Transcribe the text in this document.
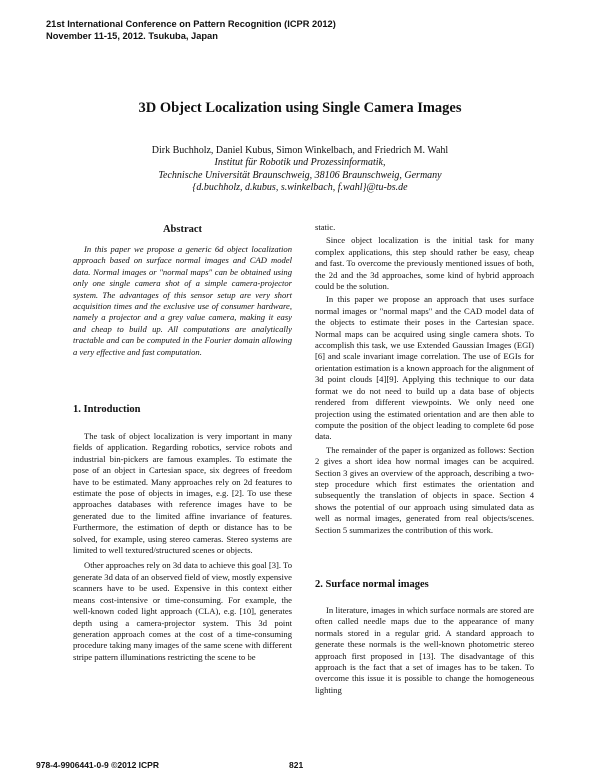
21st International Conference on Pattern Recognition (ICPR 2012)
November 11-15, 2012. Tsukuba, Japan
3D Object Localization using Single Camera Images
Dirk Buchholz, Daniel Kubus, Simon Winkelbach, and Friedrich M. Wahl
Institut für Robotik und Prozessinformatik,
Technische Universität Braunschweig, 38106 Braunschweig, Germany
{d.buchholz, d.kubus, s.winkelbach, f.wahl}@tu-bs.de
Abstract

In this paper we propose a generic 6d object localization approach based on surface normal images and CAD model data. Normal images or "normal maps" can be obtained using only one single camera shot of a simple camera-projector system. The advantages of this sensor setup are very short acquisition times and the exclusive use of consumer hardware, namely a projector and a grey value camera, making it easy and cheap to build up. All computations are analytically tractable and can be computed in the Fourier domain allowing a very effective and fast computation.

1. Introduction

The task of object localization is very important in many fields of application. Regarding robotics, service robots and industrial bin-pickers are famous examples. To estimate the pose of an object in Cartesian space, six degrees of freedom have to be estimated. Many approaches rely on 2d features to estimate the pose of objects in images, e.g. [2]. To use these approaches databases with reference images have to be generated due to the limited affine invariance of features. Furthermore, the estimation of depth or distance has to be solved, for example, using stereo cameras. Stereo systems are limited to well textured/structured scenes or objects.

Other approaches rely on 3d data to achieve this goal [3]. To generate 3d data of an observed field of view, mostly expensive scanners have to be used. Expensive in this context either means cost-intensive or time-consuming. For example, the well-known coded light approach (CLA), e.g. [10], generates depth using a camera-projector system. This 3d point generation approach comes at the cost of a time-consuming procedure taking many images of the same scene with different stripe pattern illuminations restricting the scene to be

static.

Since object localization is the initial task for many complex applications, this step should rather be easy, cheap and fast. To overcome the previously mentioned issues of both, the 2d and the 3d approaches, some kind of hybrid approach could be the solution.

In this paper we propose an approach that uses surface normal images or "normal maps" and the CAD model data of the objects to estimate their poses in the Cartesian space. Normal maps can be acquired using single camera shots. To accomplish this task, we use Extended Gaussian Images (EGI) [6] and scale invariant image correlation. The use of EGIs for orientation estimation is a known approach for the alignment of 3d point clouds [4][9]. Applying this technique to our data format we do not need to build up a data base of objects rendered from different viewpoints. We only need one projection using the estimated orientation and are then able to compute the position of the object leading to complete 6d pose data.

The remainder of the paper is organized as follows: Section 2 gives a short idea how normal images can be acquired. Section 3 gives an overview of the approach, describing a two-step procedure which first estimates the orientation and subsequently the translation of objects in space. Section 4 shows the potential of our approach using simulated data as well as normal images, generated from real objects/scenes. Section 5 summarizes the contribution of this work.

2. Surface normal images

In literature, images in which surface normals are stored are often called needle maps due to the appearance of many normals stored in a regular grid. A standard approach to generate these normals is the well-known photometric stereo approach first proposed in [13]. The disadvantage of this approach is the fact that a set of images has to be taken. To overcome this issue it is possible to change the homogeneous lighting

978-4-9906441-0-9 ©2012 ICPR	821
